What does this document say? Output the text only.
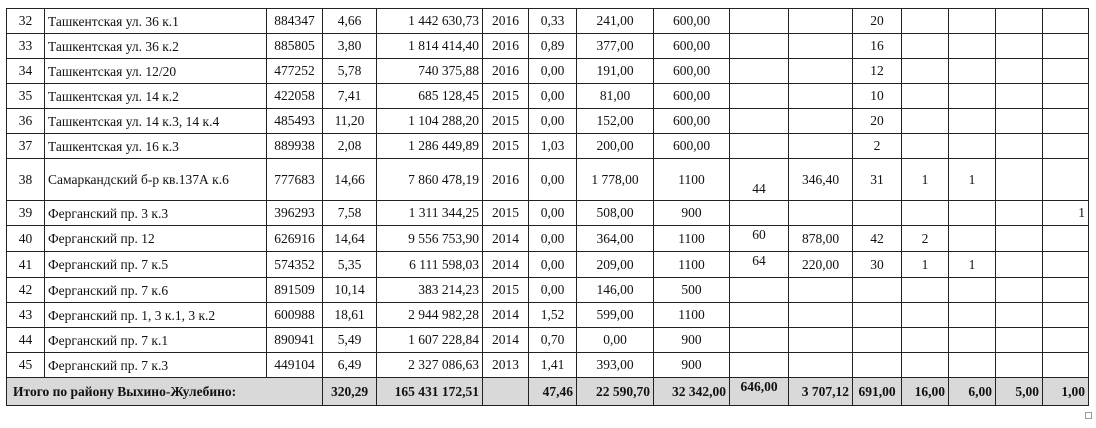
32	Ташкентская ул. 36 к.1	884347	4,66	1 442 630,73	2016	0,33	241,00	600,00			20				
33	Ташкентская ул. 36 к.2	885805	3,80	1 814 414,40	2016	0,89	377,00	600,00			16				
34	Ташкентская ул. 12/20	477252	5,78	740 375,88	2016	0,00	191,00	600,00			12				
35	Ташкентская ул. 14 к.2	422058	7,41	685 128,45	2015	0,00	81,00	600,00			10				
36	Ташкентская ул. 14 к.3, 14 к.4	485493	11,20	1 104 288,20	2015	0,00	152,00	600,00			20				
37	Ташкентская ул. 16 к.3	889938	2,08	1 286 449,89	2015	1,03	200,00	600,00			2				
38	Самаркандский б-р кв.137А к.6	777683	14,66	7 860 478,19	2016	0,00	1 778,00	1100	44	346,40	31	1	1		
39	Ферганский пр. 3 к.3	396293	7,58	1 311 344,25	2015	0,00	508,00	900							1
40	Ферганский пр. 12	626916	14,64	9 556 753,90	2014	0,00	364,00	1100	60	878,00	42	2			
41	Ферганский пр. 7 к.5	574352	5,35	6 111 598,03	2014	0,00	209,00	1100	64	220,00	30	1	1		
42	Ферганский пр. 7 к.6	891509	10,14	383 214,23	2015	0,00	146,00	500							
43	Ферганский пр. 1, 3 к.1, 3 к.2	600988	18,61	2 944 982,28	2014	1,52	599,00	1100							
44	Ферганский пр. 7 к.1	890941	5,49	1 607 228,84	2014	0,70	0,00	900							
45	Ферганский пр. 7 к.3	449104	6,49	2 327 086,63	2013	1,41	393,00	900							
Итого по району Выхино-Жулебино:			320,29	165 431 172,51		47,46	22 590,70	32 342,00	646,00	3 707,12	691,00	16,00	6,00	5,00	1,00
